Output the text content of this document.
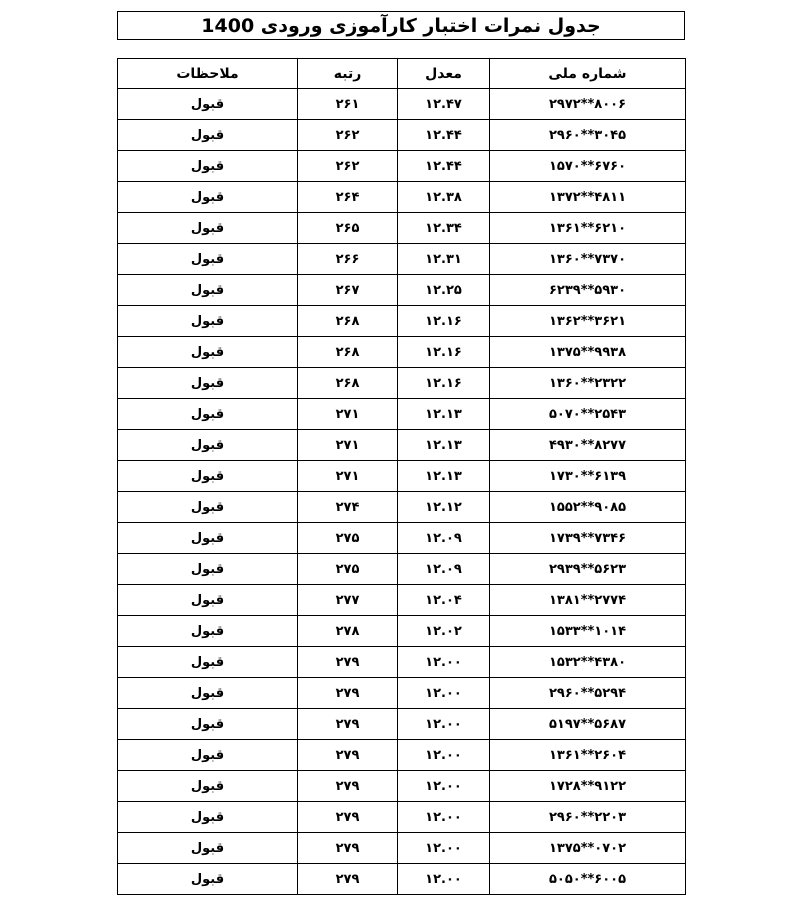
جدول نمرات اختبار کارآموزی ورودی 1400
ملاحظات	رتبه	معدل	شماره ملی
قبول	۲۶۱	۱۲.۴۷	۲۹۷۲**۸۰۰۶
قبول	۲۶۲	۱۲.۴۴	۲۹۶۰**۳۰۴۵
قبول	۲۶۲	۱۲.۴۴	۱۵۷۰**۶۷۶۰
قبول	۲۶۴	۱۲.۳۸	۱۳۷۲**۴۸۱۱
قبول	۲۶۵	۱۲.۳۴	۱۳۶۱**۶۲۱۰
قبول	۲۶۶	۱۲.۳۱	۱۳۶۰**۷۳۷۰
قبول	۲۶۷	۱۲.۲۵	۶۲۳۹**۵۹۳۰
قبول	۲۶۸	۱۲.۱۶	۱۳۶۲**۳۶۲۱
قبول	۲۶۸	۱۲.۱۶	۱۳۷۵**۹۹۳۸
قبول	۲۶۸	۱۲.۱۶	۱۳۶۰**۲۳۲۲
قبول	۲۷۱	۱۲.۱۳	۵۰۷۰**۲۵۴۳
قبول	۲۷۱	۱۲.۱۳	۴۹۳۰**۸۲۷۷
قبول	۲۷۱	۱۲.۱۳	۱۷۳۰**۶۱۳۹
قبول	۲۷۴	۱۲.۱۲	۱۵۵۲**۹۰۸۵
قبول	۲۷۵	۱۲.۰۹	۱۷۳۹**۷۳۴۶
قبول	۲۷۵	۱۲.۰۹	۲۹۳۹**۵۶۲۳
قبول	۲۷۷	۱۲.۰۴	۱۳۸۱**۲۷۷۴
قبول	۲۷۸	۱۲.۰۲	۱۵۳۳**۱۰۱۴
قبول	۲۷۹	۱۲.۰۰	۱۵۳۲**۴۳۸۰
قبول	۲۷۹	۱۲.۰۰	۲۹۶۰**۵۲۹۴
قبول	۲۷۹	۱۲.۰۰	۵۱۹۷**۵۶۸۷
قبول	۲۷۹	۱۲.۰۰	۱۳۶۱**۲۶۰۴
قبول	۲۷۹	۱۲.۰۰	۱۷۲۸**۹۱۲۲
قبول	۲۷۹	۱۲.۰۰	۲۹۶۰**۲۲۰۳
قبول	۲۷۹	۱۲.۰۰	۱۳۷۵**۰۷۰۲
قبول	۲۷۹	۱۲.۰۰	۵۰۵۰**۶۰۰۵
